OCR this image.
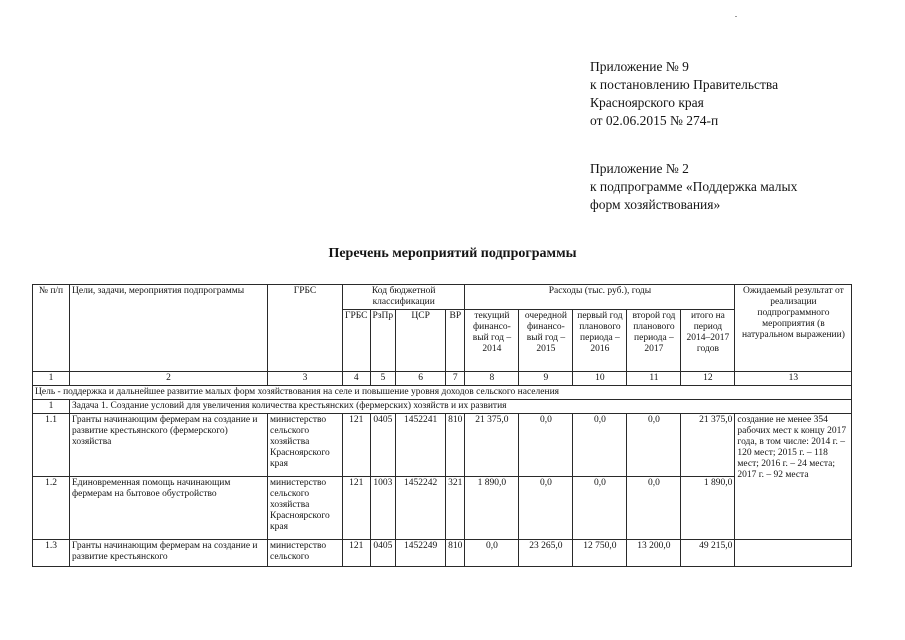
Приложение № 9
к постановлению Правительства
Красноярского края
от 02.06.2015 № 274-п
Приложение № 2
к подпрограмме «Поддержка малых
форм хозяйствования»
Перечень мероприятий подпрограммы
№ п/п	Цели, задачи, мероприятия подпрограммы	ГРБС	Код бюджетной классификации				Расходы (тыс. руб.), годы					Ожидаемый результат от реализации подпрограммного мероприятия (в натуральном выражении)
			ГРБС	РзПр	ЦСР	ВР	текущий финансо-вый год – 2014	очередной финансо-вый год – 2015	первый год планового периода – 2016	второй год планового периода – 2017	итого на период 2014–2017 годов	
1	2	3	4	5	6	7	8	9	10	11	12	13
Цель - поддержка и дальнейшее развитие малых форм хозяйствования на селе и повышение уровня доходов сельского населения												
1	Задача 1. Создание условий для увеличения количества крестьянских (фермерских) хозяйств и их развития											
1.1	Гранты начинающим фермерам на создание и развитие крестьянского (фермерского) хозяйства	министерство сельского хозяйства Красноярского края	121	0405	1452241	810	21 375,0	0,0	0,0	0,0	21 375,0	создание не менее 354 рабочих мест к концу 2017 года, в том числе: 2014 г. – 120 мест; 2015 г. – 118 мест; 2016 г. – 24 места; 2017 г. – 92 места
1.2	Единовременная помощь начинающим фермерам на бытовое обустройство	министерство сельского хозяйства Красноярского края	121	1003	1452242	321	1 890,0	0,0	0,0	0,0	1 890,0	
1.3	Гранты начинающим фермерам на создание и развитие крестьянского	министерство сельского	121	0405	1452249	810	0,0	23 265,0	12 750,0	13 200,0	49 215,0	
